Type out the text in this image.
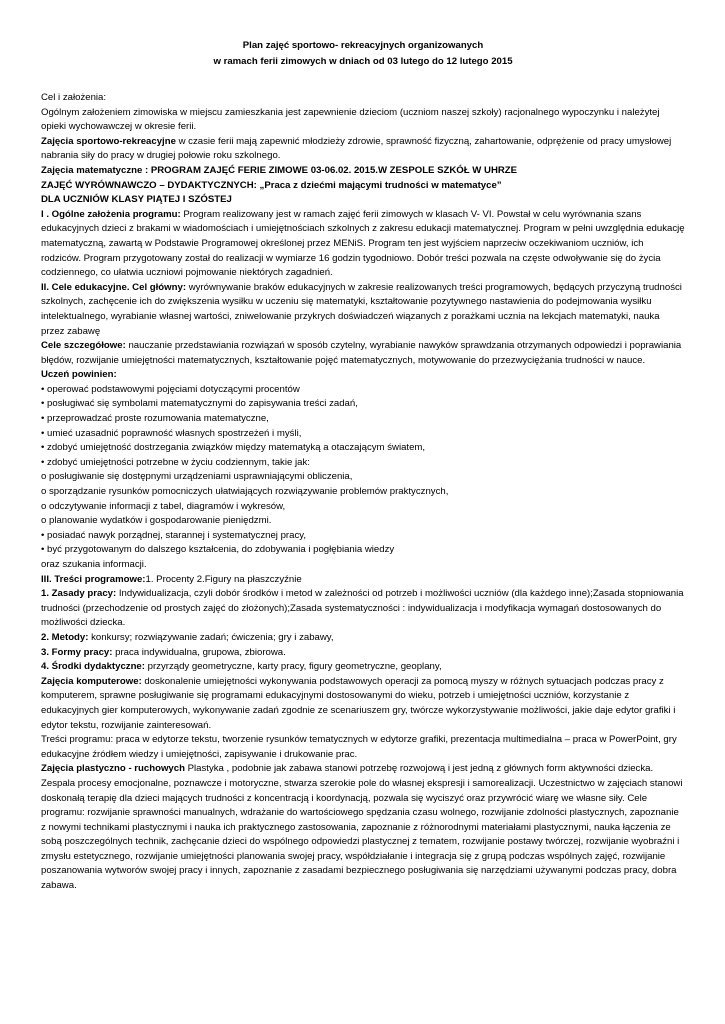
Plan zajęć sportowo- rekreacyjnych organizowanych
w ramach ferii zimowych w dniach od 03 lutego do 12 lutego 2015

Cel i założenia:

Ogólnym założeniem zimowiska w miejscu zamieszkania jest zapewnienie dzieciom (uczniom naszej szkoły) racjonalnego wypoczynku i należytej opieki wychowawczej w okresie ferii.

Zajęcia sportowo-rekreacyjne w czasie ferii mają zapewnić młodzieży zdrowie, sprawność fizyczną, zahartowanie, odprężenie od pracy umysłowej nabrania siły do pracy w drugiej połowie roku szkolnego.

Zajęcia matematyczne : PROGRAM ZAJĘĆ FERIE ZIMOWE 03-06.02. 2015.W ZESPOLE SZKÓŁ W UHRZE

ZAJĘĆ WYRÓWNAWCZO – DYDAKTYCZNYCH: „Praca z dziećmi mającymi trudności w matematyce”

DLA UCZNIÓW KLASY PIĄTEJ I SZÓSTEJ

I . Ogólne założenia programu: Program realizowany jest w ramach zajęć ferii zimowych w klasach V- VI. Powstał w celu wyrównania szans edukacyjnych dzieci z brakami w wiadomościach i umiejętnościach szkolnych z zakresu edukacji matematycznej. Program w pełni uwzględnia edukację matematyczną, zawartą w Podstawie Programowej określonej przez MENiS. Program ten jest wyjściem naprzeciw oczekiwaniom uczniów, ich rodziców. Program przygotowany został do realizacji w wymiarze 16 godzin tygodniowo. Dobór treści pozwala na częste odwoływanie się do życia codziennego, co ułatwia uczniowi pojmowanie niektórych zagadnień.

II. Cele edukacyjne. Cel główny: wyrównywanie braków edukacyjnych w zakresie realizowanych treści programowych, będących przyczyną trudności szkolnych, zachęcenie ich do zwiększenia wysiłku w uczeniu się matematyki, kształtowanie pozytywnego nastawienia do podejmowania wysiłku intelektualnego, wyrabianie własnej wartości, zniwelowanie przykrych doświadczeń wiązanych z porażkami ucznia na lekcjach matematyki, nauka przez zabawę

Cele szczegółowe: nauczanie przedstawiania rozwiązań w sposób czytelny, wyrabianie nawyków sprawdzania otrzymanych odpowiedzi i poprawiania błędów, rozwijanie umiejętności matematycznych, kształtowanie pojęć matematycznych, motywowanie do przezwyciężania trudności w nauce.

Uczeń powinien:

• operować podstawowymi pojęciami dotyczącymi procentów

• posługiwać się symbolami matematycznymi do zapisywania treści zadań,

• przeprowadzać proste rozumowania matematyczne,

• umieć uzasadnić poprawność własnych spostrzeżeń i myśli,

• zdobyć umiejętność dostrzegania związków między matematyką a otaczającym światem,

• zdobyć umiejętności potrzebne w życiu codziennym, takie jak:

o posługiwanie się dostępnymi urządzeniami usprawniającymi obliczenia,

o sporządzanie rysunków pomocniczych ułatwiających rozwiązywanie problemów praktycznych,

o odczytywanie informacji z tabel, diagramów i wykresów,

o planowanie wydatków i gospodarowanie pieniędzmi.

• posiadać nawyk porządnej, starannej i systematycznej pracy,

• być przygotowanym do dalszego kształcenia, do zdobywania i pogłębiania wiedzy

oraz szukania informacji.

III. Treści programowe:1. Procenty 2.Figury na płaszczyźnie

1. Zasady pracy: Indywidualizacja, czyli dobór środków i metod w zależności od potrzeb i możliwości uczniów (dla każdego inne);Zasada stopniowania trudności (przechodzenie od prostych zajęć do złożonych);Zasada systematyczności : indywidualizacja i modyfikacja wymagań dostosowanych do możliwości dziecka.

2. Metody: konkursy; rozwiązywanie zadań; ćwiczenia; gry i zabawy,

3. Formy pracy: praca indywidualna, grupowa, zbiorowa.

4. Środki dydaktyczne: przyrządy geometryczne, karty pracy, figury geometryczne, geoplany,

Zajęcia komputerowe: doskonalenie umiejętności wykonywania podstawowych operacji za pomocą myszy w różnych sytuacjach podczas pracy z komputerem, sprawne posługiwanie się programami edukacyjnymi dostosowanymi do wieku, potrzeb i umiejętności uczniów, korzystanie z edukacyjnych gier komputerowych, wykonywanie zadań zgodnie ze scenariuszem gry, twórcze wykorzystywanie możliwości, jakie daje edytor grafiki i edytor tekstu, rozwijanie zainteresowań.

Treści programu: praca w edytorze tekstu, tworzenie rysunków tematycznych w edytorze grafiki, prezentacja multimedialna – praca w PowerPoint, gry edukacyjne źródłem wiedzy i umiejętności, zapisywanie i drukowanie prac.

Zajęcia plastyczno - ruchowych Plastyka , podobnie jak zabawa stanowi potrzebę rozwojową i jest jedną z głównych form aktywności dziecka. Zespala procesy emocjonalne, poznawcze i motoryczne, stwarza szerokie pole do własnej ekspresji i samorealizacji. Uczestnictwo w zajęciach stanowi doskonałą terapię dla dzieci mających trudności z koncentracją i koordynacją, pozwala się wyciszyć oraz przywrócić wiarę we własne siły. Cele programu: rozwijanie sprawności manualnych, wdrażanie do wartościowego spędzania czasu wolnego, rozwijanie zdolności plastycznych, zapoznanie z nowymi technikami plastycznymi i nauka ich praktycznego zastosowania, zapoznanie z różnorodnymi materiałami plastycznymi, nauka łączenia ze sobą poszczególnych technik, zachęcanie dzieci do wspólnego odpowiedzi plastycznej z tematem, rozwijanie postawy twórczej, rozwijanie wyobraźni i zmysłu estetycznego, rozwijanie umiejętności planowania swojej pracy, współdziałanie i integracja się z grupą podczas wspólnych zajęć, rozwijanie poszanowania wytworów swojej pracy i innych, zapoznanie z zasadami bezpiecznego posługiwania się narzędziami używanymi podczas pracy, dobra zabawa.
